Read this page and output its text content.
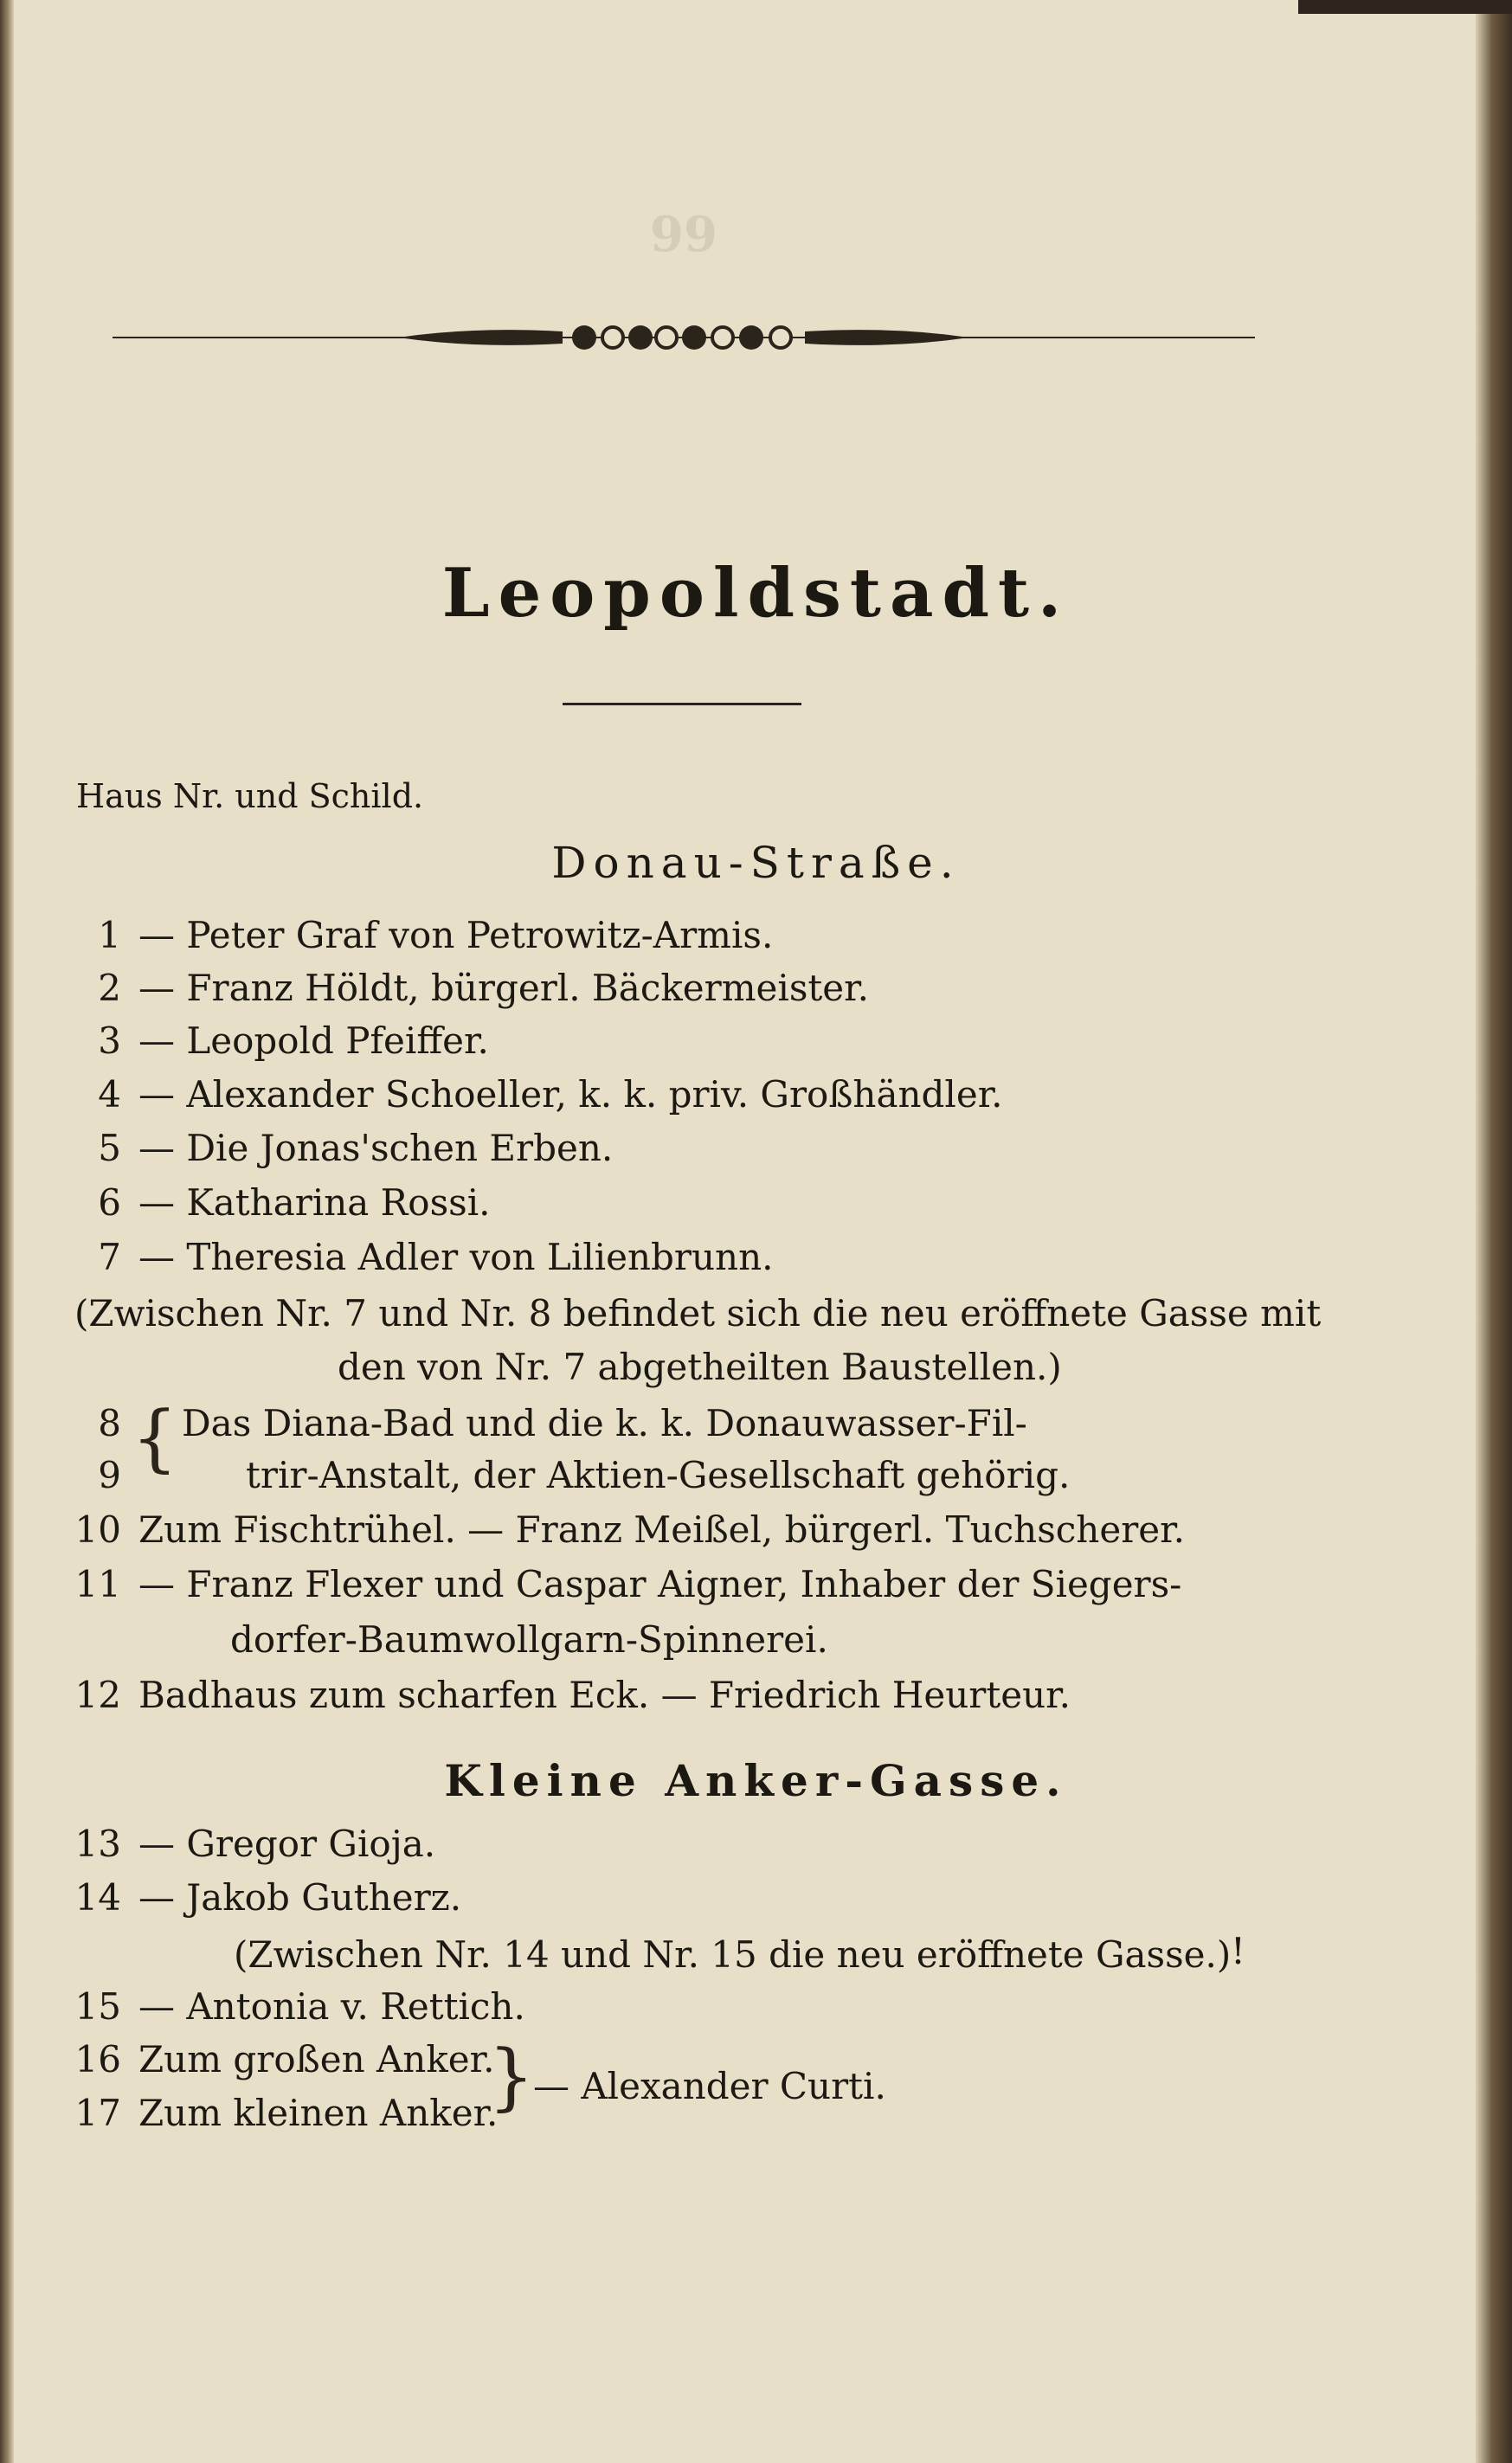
99
Leopoldstadt.
Haus Nr. und Schild.
Donau-Straße.
1 — Peter Graf von Petrowitz-Armis.
2 — Franz Höldt, bürgerl. Bäckermeister.
3 — Leopold Pfeiffer.
4 — Alexander Schoeller, k. k. priv. Großhändler.
5 — Die Jonas'schen Erben.
6 — Katharina Rossi.
7 — Theresia Adler von Lilienbrunn.
(Zwischen Nr. 7 und Nr. 8 befindet sich die neu eröffnete Gasse mit
den von Nr. 7 abgetheilten Baustellen.)
8
9 { Das Diana-Bad und die k. k. Donauwasser-Fil-
trir-Anstalt, der Aktien-Gesellschaft gehörig.
10 Zum Fischtrühel. — Franz Meißel, bürgerl. Tuchscherer.
11 — Franz Flexer und Caspar Aigner, Inhaber der Siegers-
dorfer-Baumwollgarn-Spinnerei.
12 Badhaus zum scharfen Eck. — Friedrich Heurteur.
Kleine Anker-Gasse.
13 — Gregor Gioja.
14 — Jakob Gutherz.
(Zwischen Nr. 14 und Nr. 15 die neu eröffnete Gasse.) !
15 — Antonia v. Rettich.
16 Zum großen Anker.
17 Zum kleinen Anker.
}
— Alexander Curti.
